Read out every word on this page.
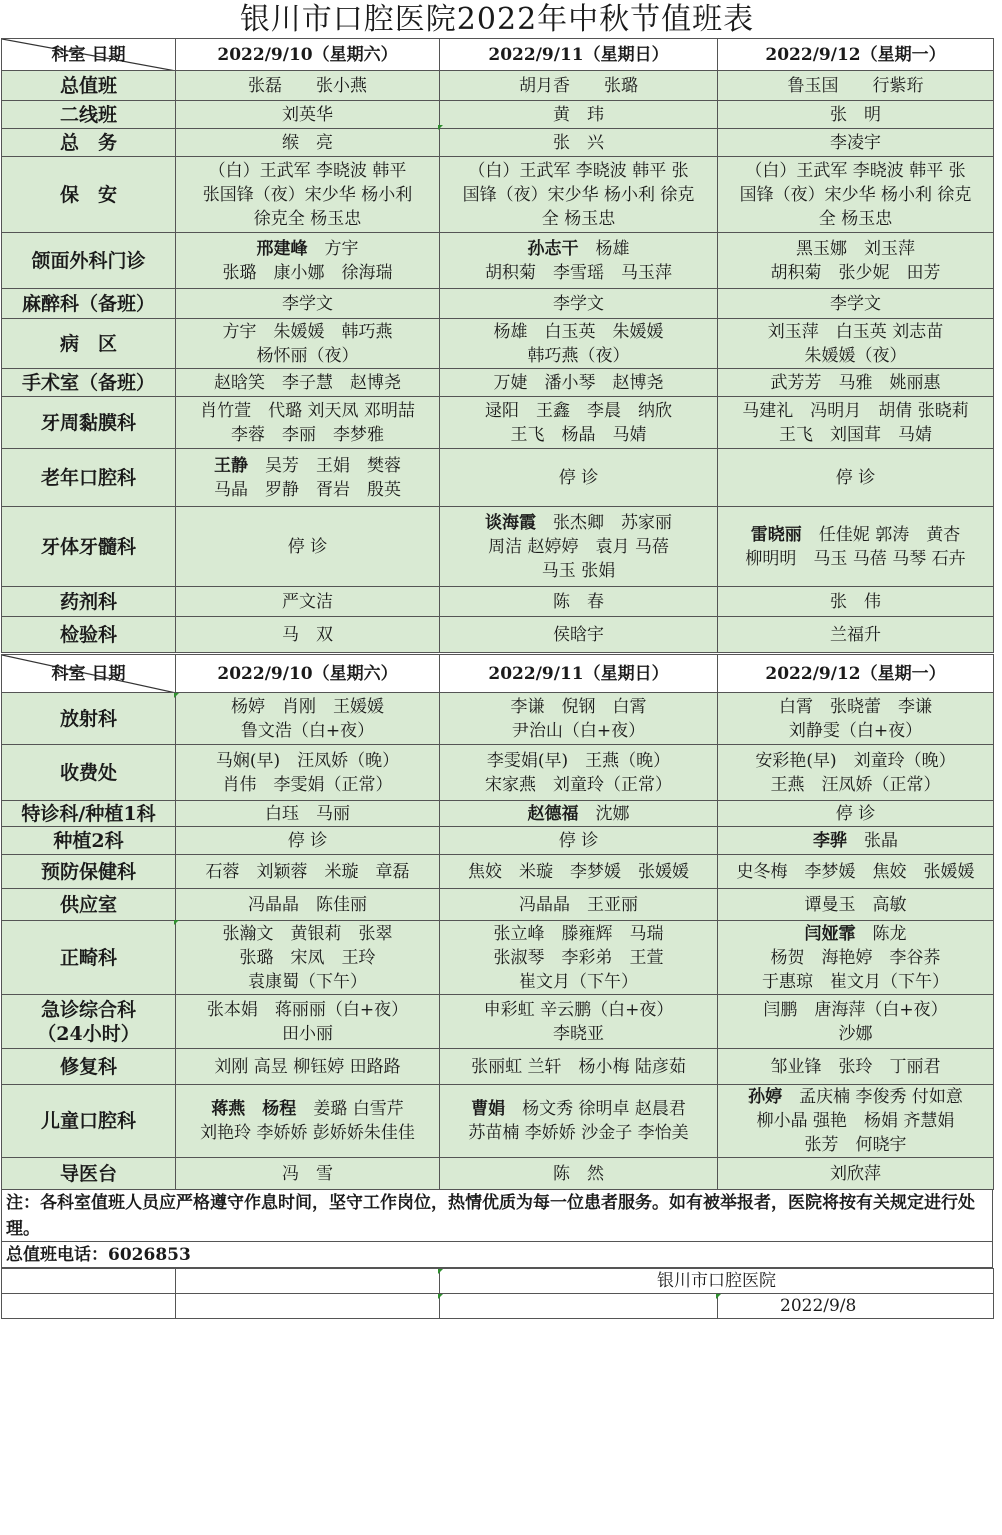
银川市口腔医院2022年中秋节值班表
科室 日期	2022/9/10（星期六）	2022/9/11（星期日）	2022/9/12（星期一）

总值班	张磊　　张小燕	胡月香　　张璐	鲁玉国　　行紫珩

二线班	刘英华	黄　玮	张　明

总　务	缑　亮	张　兴	李凌宇

保　安	（白）王武军 李晓波 韩平
张国锋（夜）宋少华 杨小利
徐克全 杨玉忠	（白）王武军 李晓波 韩平 张
国锋（夜）宋少华 杨小利 徐克
全 杨玉忠	（白）王武军 李晓波 韩平 张
国锋（夜）宋少华 杨小利 徐克
全 杨玉忠

颌面外科门诊	邢建峰　方宇
张璐　康小娜　徐海瑞	孙志干　杨雄
胡积菊　李雪瑶　马玉萍	黑玉娜　刘玉萍
胡积菊　张少妮　田芳

麻醉科（备班）	李学文	李学文	李学文

病　区	方宇　朱媛媛　韩巧燕
杨怀丽（夜）	杨雄　白玉英　朱媛媛
韩巧燕（夜）	刘玉萍　白玉英 刘志苗
朱媛媛（夜）

手术室（备班）	赵晗笑　李子慧　赵博尧	万婕　潘小琴　赵博尧	武芳芳　马雅　姚丽惠

牙周黏膜科	肖竹萱　代璐 刘天凤 邓明喆
李蓉　李丽　李梦雅	逯阳　王鑫　李晨　纳欣
王飞　杨晶　马婧	马建礼　冯明月　胡倩 张晓莉
王飞　刘国茸　马婧

老年口腔科	王静　吴芳　王娟　樊蓉
马晶　罗静　胥岩　殷英	停 诊	停 诊

牙体牙髓科	停 诊	谈海霞　张杰卿　苏家丽
周洁 赵婷婷　袁月 马蓓
马玉 张娟	雷晓丽　任佳妮 郭涛　黄杏
柳明明　马玉 马蓓 马琴 石卉

药剂科	严文洁	陈　春	张　伟

检验科	马　双	侯晗宇	兰福升
科室 日期	2022/9/10（星期六）	2022/9/11（星期日）	2022/9/12（星期一）

放射科	杨婷　肖刚　王媛媛
鲁文浩（白+夜）	李谦　倪钢　白霄
尹治山（白+夜）	白霄　张晓蕾　李谦
刘静雯（白+夜）

收费处	马娴(早)　汪凤娇（晚）
肖伟　李雯娟（正常）	李雯娟(早)　王燕（晚）
宋家燕　刘童玲（正常）	安彩艳(早)　刘童玲（晚）
王燕　汪凤娇（正常）

特诊科/种植1科	白珏　马丽	赵德福　沈娜	停 诊

种植2科	停 诊	停 诊	李骅　张晶

预防保健科	石蓉　刘颖蓉　米璇　章磊	焦姣　米璇　李梦媛　张媛媛	史冬梅　李梦媛　焦姣　张媛媛

供应室	冯晶晶　陈佳丽	冯晶晶　王亚丽	谭曼玉　高敏

正畸科	张瀚文　黄银莉　张翠
张璐　宋凤　王玲
袁康蜀（下午）	张立峰　滕雍辉　马瑞
张淑琴　李彩弟　王萱
崔文月（下午）	闫娅霏　陈龙
杨贺　海艳婷　李谷荞
于惠琼　崔文月（下午）

急诊综合科
（24小时）	张本娟　蒋丽丽（白+夜）
田小丽	申彩虹 辛云鹏（白+夜）
李晓亚	闫鹏　唐海萍（白+夜）
沙娜

修复科	刘刚 高昱 柳钰婷 田路路	张丽虹 兰轩　杨小梅 陆彦茹	邹业锋　张玲　丁丽君

儿童口腔科	蒋燕　杨程　姜璐 白雪芹
刘艳玲 李娇娇 彭娇娇朱佳佳	曹娟　杨文秀 徐明卓 赵晨君
苏苗楠 李娇娇 沙金子 李怡美	孙婷　孟庆楠 李俊秀 付如意
柳小晶 强艳　杨娟 齐慧娟
张芳　何晓宇

导医台	冯　雪	陈　然	刘欣萍
注：各科室值班人员应严格遵守作息时间，坚守工作岗位，热情优质为每一位患者服务。如有被举报者，医院将按有关规定进行处理。
总值班电话：6026853
		银川市口腔医院	
			2022/9/8
